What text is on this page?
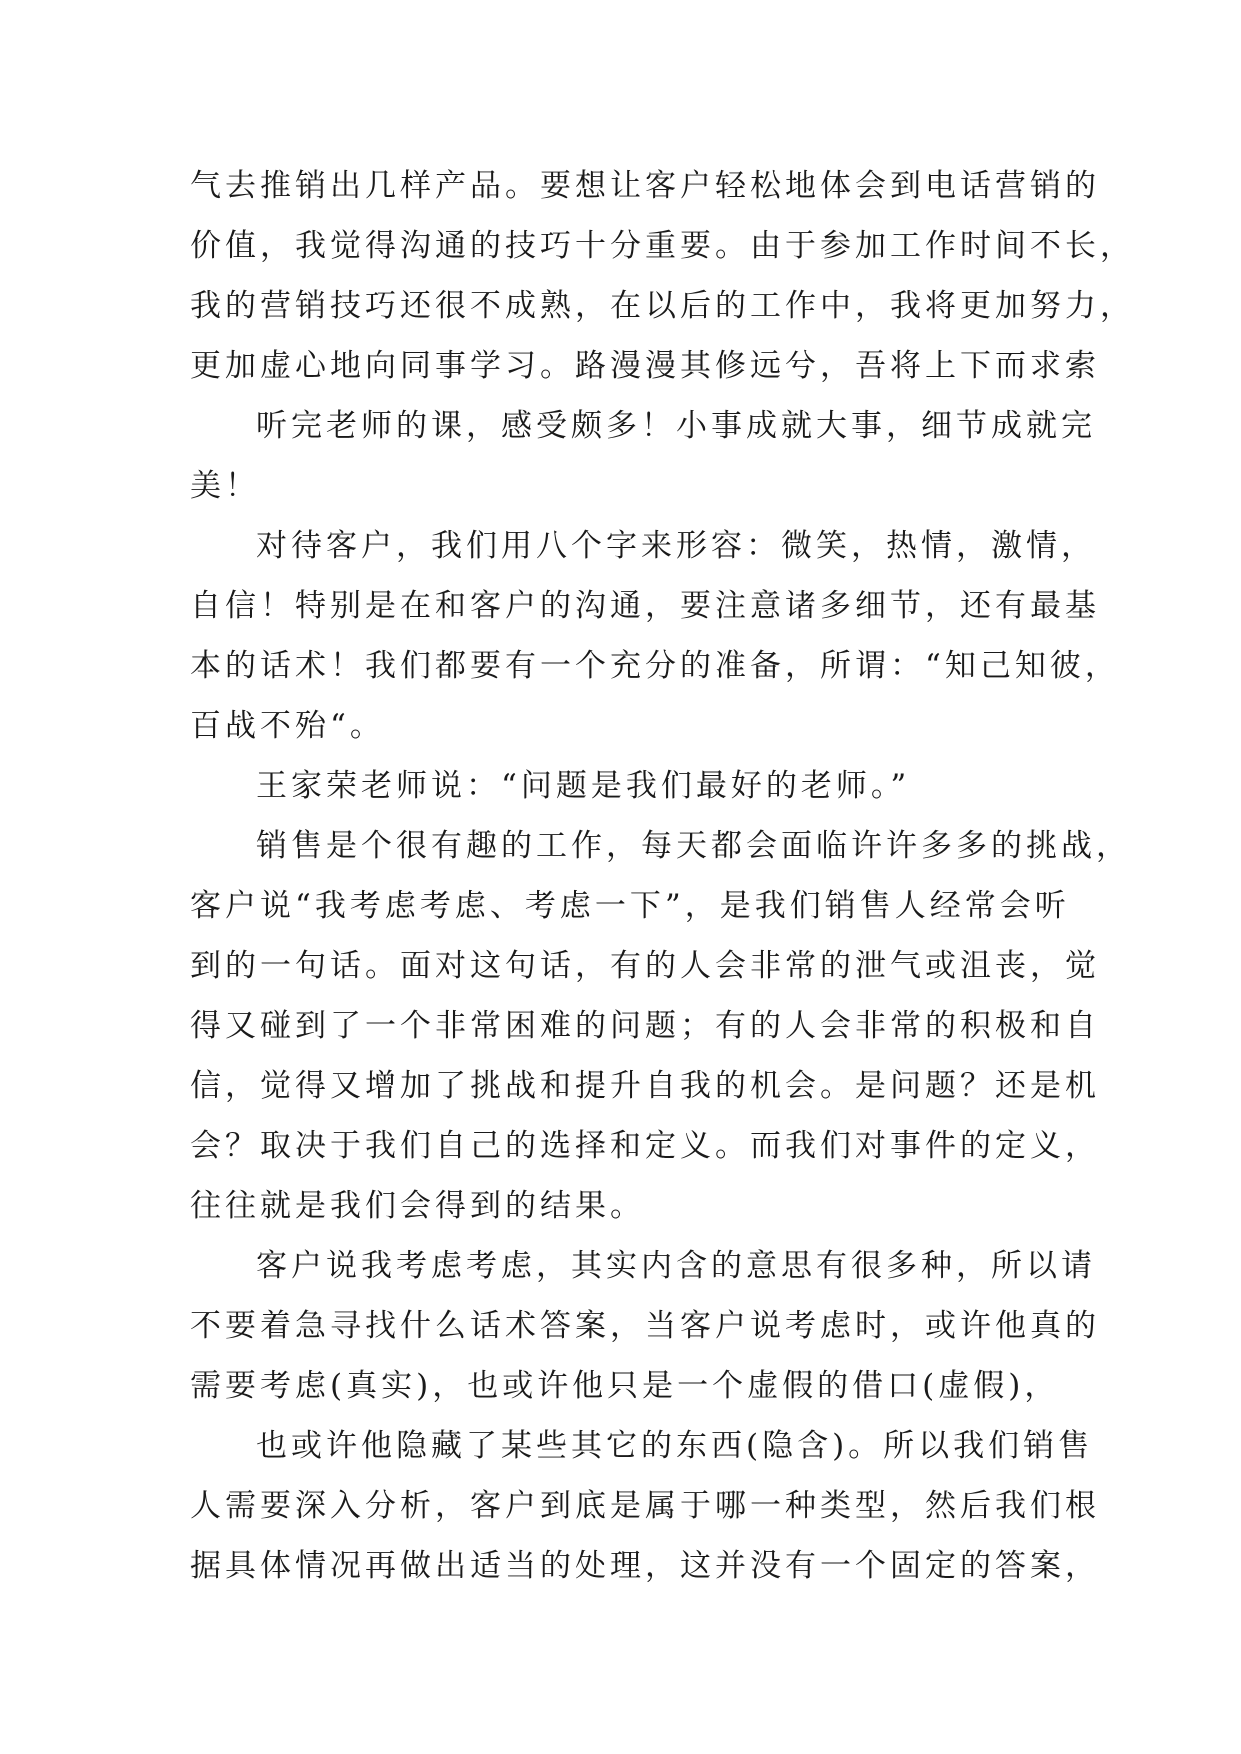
气去推销出几样产品。要想让客户轻松地体会到电话营销的
价值，我觉得沟通的技巧十分重要。由于参加工作时间不长，
我的营销技巧还很不成熟，在以后的工作中，我将更加努力，
更加虚心地向同事学习。路漫漫其修远兮，吾将上下而求索
听完老师的课，感受颇多！小事成就大事，细节成就完
美！
对待客户，我们用八个字来形容：微笑，热情，激情，
自信！特别是在和客户的沟通，要注意诸多细节，还有最基
本的话术！我们都要有一个充分的准备，所谓：“知己知彼，
百战不殆“。
王家荣老师说：“问题是我们最好的老师。”
销售是个很有趣的工作，每天都会面临许许多多的挑战，
客户说“我考虑考虑、考虑一下”，是我们销售人经常会听
到的一句话。面对这句话，有的人会非常的泄气或沮丧，觉
得又碰到了一个非常困难的问题；有的人会非常的积极和自
信，觉得又增加了挑战和提升自我的机会。是问题？还是机
会？取决于我们自己的选择和定义。而我们对事件的定义，
往往就是我们会得到的结果。
客户说我考虑考虑，其实内含的意思有很多种，所以请
不要着急寻找什么话术答案，当客户说考虑时，或许他真的
需要考虑(真实)，也或许他只是一个虚假的借口(虚假)，
也或许他隐藏了某些其它的东西(隐含)。所以我们销售
人需要深入分析，客户到底是属于哪一种类型，然后我们根
据具体情况再做出适当的处理，这并没有一个固定的答案，
